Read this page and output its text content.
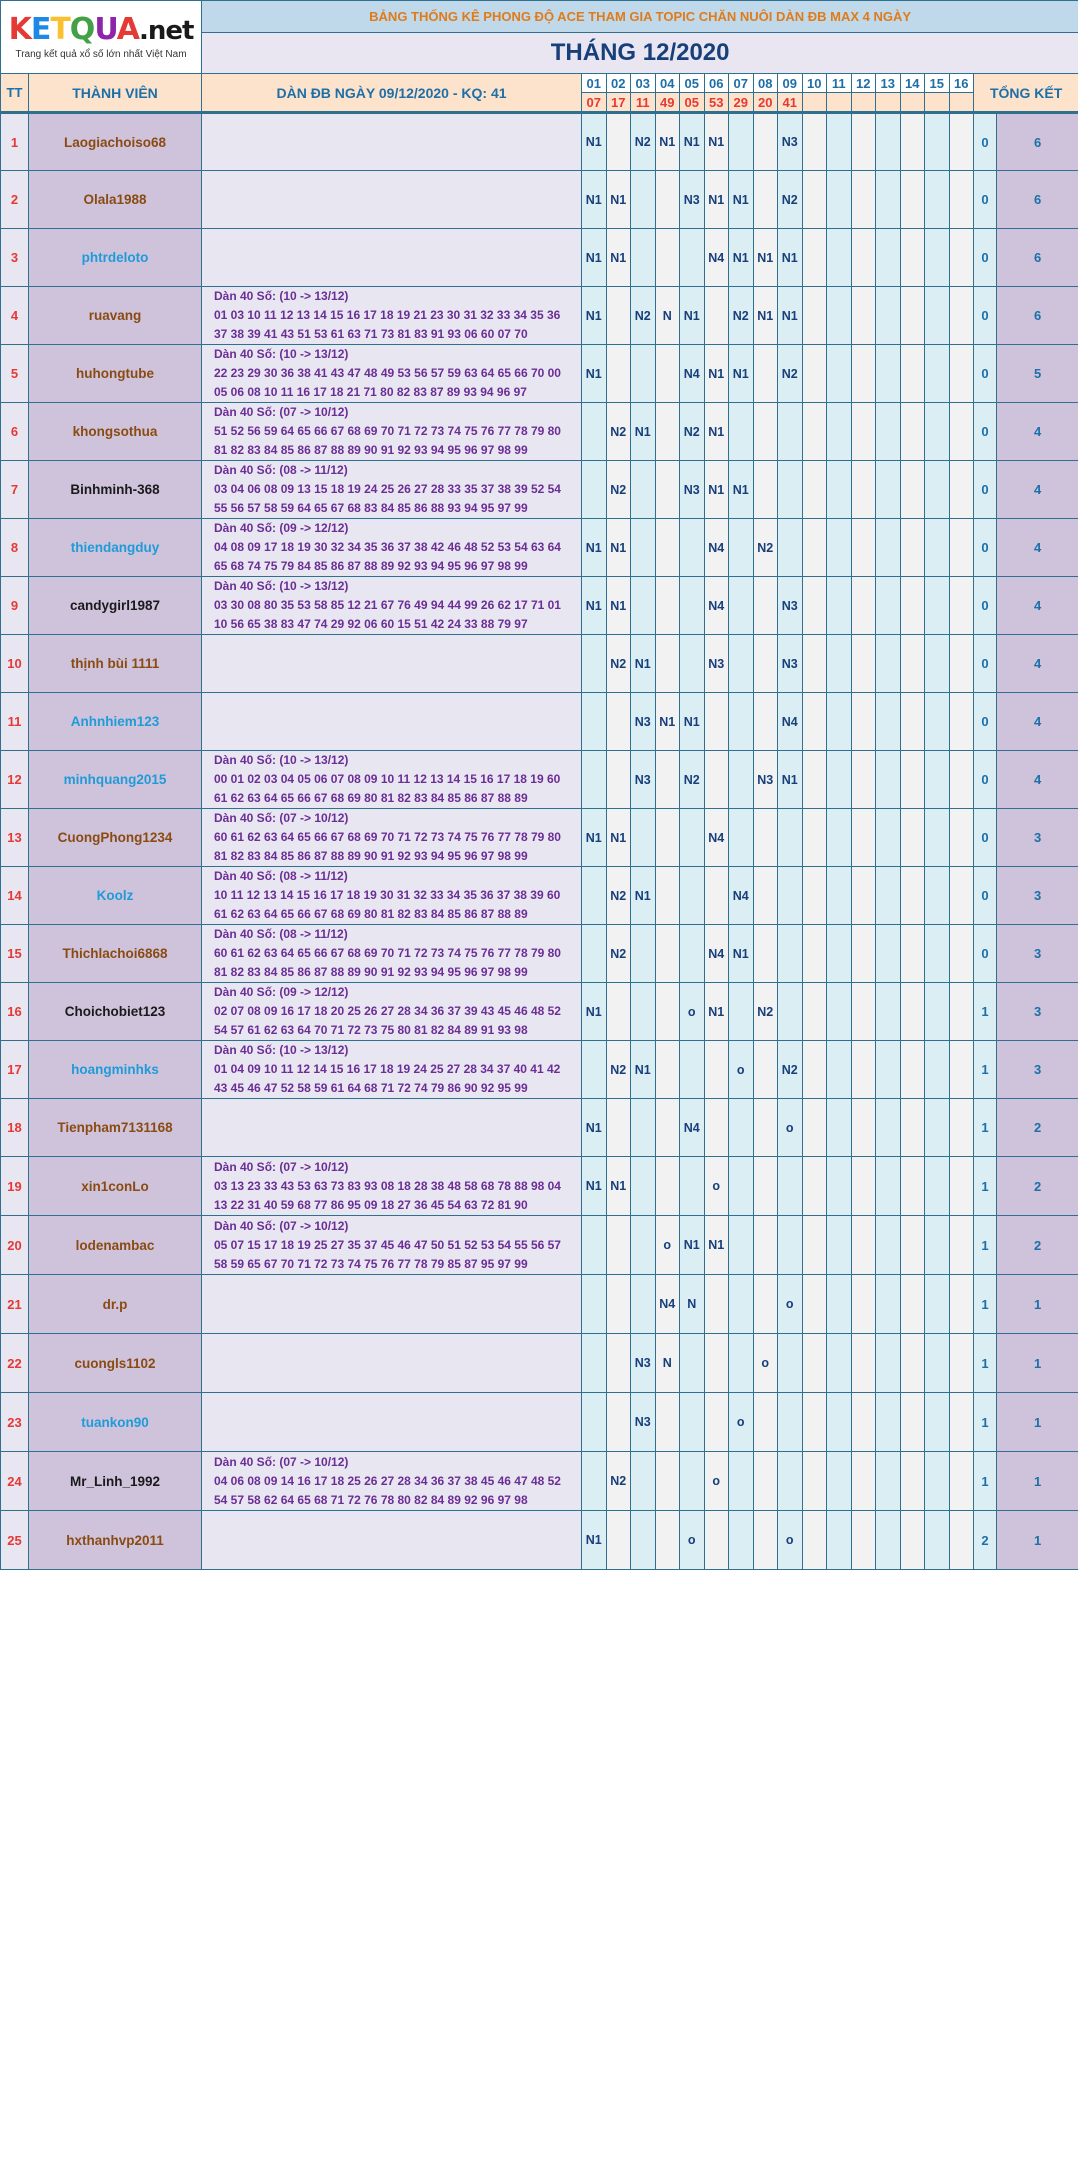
KETQUA.net
Trang kết quả xổ số lớn nhất Việt Nam		BẢNG THỐNG KÊ PHONG ĐỘ ACE THAM GIA TOPIC CHĂN NUÔI DÀN ĐB MAX 4 NGÀY																		
		THÁNG 12/2020																		
TT	THÀNH VIÊN	DÀN ĐB NGÀY 09/12/2020 - KQ: 41	01	02	03	04	05	06	07	08	09	10	11	12	13	14	15	16	TỔNG KẾT	
			07	17	11	49	05	53	29	20	41									
1	Laogiachoiso68		N1		N2	N1	N1	N1			N3								0	6
2	Olala1988		N1	N1			N3	N1	N1		N2								0	6
3	phtrdeloto		N1	N1				N4	N1	N1	N1								0	6
4	ruavang	Dàn 40 Số: (10 -> 13/12)
01 03 10 11 12 13 14 15 16 17 18 19 21 23 30 31 32 33 34 35 36
37 38 39 41 43 51 53 61 63 71 73 81 83 91 93 06 60 07 70	N1		N2	N	N1		N2	N1	N1								0	6
5	huhongtube	Dàn 40 Số: (10 -> 13/12)
22 23 29 30 36 38 41 43 47 48 49 53 56 57 59 63 64 65 66 70 00
05 06 08 10 11 16 17 18 21 71 80 82 83 87 89 93 94 96 97	N1				N4	N1	N1		N2								0	5
6	khongsothua	Dàn 40 Số: (07 -> 10/12)
51 52 56 59 64 65 66 67 68 69 70 71 72 73 74 75 76 77 78 79 80
81 82 83 84 85 86 87 88 89 90 91 92 93 94 95 96 97 98 99		N2	N1		N2	N1											0	4
7	Binhminh-368	Dàn 40 Số: (08 -> 11/12)
03 04 06 08 09 13 15 18 19 24 25 26 27 28 33 35 37 38 39 52 54
55 56 57 58 59 64 65 67 68 83 84 85 86 88 93 94 95 97 99		N2			N3	N1	N1										0	4
8	thiendangduy	Dàn 40 Số: (09 -> 12/12)
04 08 09 17 18 19 30 32 34 35 36 37 38 42 46 48 52 53 54 63 64
65 68 74 75 79 84 85 86 87 88 89 92 93 94 95 96 97 98 99	N1	N1				N4		N2									0	4
9	candygirl1987	Dàn 40 Số: (10 -> 13/12)
03 30 08 80 35 53 58 85 12 21 67 76 49 94 44 99 26 62 17 71 01
10 56 65 38 83 47 74 29 92 06 60 15 51 42 24 33 88 79 97	N1	N1				N4			N3								0	4
10	thịnh bùi 1111			N2	N1			N3			N3								0	4
11	Anhnhiem123				N3	N1	N1				N4								0	4
12	minhquang2015	Dàn 40 Số: (10 -> 13/12)
00 01 02 03 04 05 06 07 08 09 10 11 12 13 14 15 16 17 18 19 60
61 62 63 64 65 66 67 68 69 80 81 82 83 84 85 86 87 88 89			N3		N2			N3	N1								0	4
13	CuongPhong1234	Dàn 40 Số: (07 -> 10/12)
60 61 62 63 64 65 66 67 68 69 70 71 72 73 74 75 76 77 78 79 80
81 82 83 84 85 86 87 88 89 90 91 92 93 94 95 96 97 98 99	N1	N1				N4											0	3
14	Koolz	Dàn 40 Số: (08 -> 11/12)
10 11 12 13 14 15 16 17 18 19 30 31 32 33 34 35 36 37 38 39 60
61 62 63 64 65 66 67 68 69 80 81 82 83 84 85 86 87 88 89		N2	N1				N4										0	3
15	Thichlachoi6868	Dàn 40 Số: (08 -> 11/12)
60 61 62 63 64 65 66 67 68 69 70 71 72 73 74 75 76 77 78 79 80
81 82 83 84 85 86 87 88 89 90 91 92 93 94 95 96 97 98 99		N2				N4	N1										0	3
16	Choichobiet123	Dàn 40 Số: (09 -> 12/12)
02 07 08 09 16 17 18 20 25 26 27 28 34 36 37 39 43 45 46 48 52
54 57 61 62 63 64 70 71 72 73 75 80 81 82 84 89 91 93 98	N1				o	N1		N2									1	3
17	hoangminhks	Dàn 40 Số: (10 -> 13/12)
01 04 09 10 11 12 14 15 16 17 18 19 24 25 27 28 34 37 40 41 42
43 45 46 47 52 58 59 61 64 68 71 72 74 79 86 90 92 95 99		N2	N1				o		N2								1	3
18	Tienpham7131168		N1				N4				o								1	2
19	xin1conLo	Dàn 40 Số: (07 -> 10/12)
03 13 23 33 43 53 63 73 83 93 08 18 28 38 48 58 68 78 88 98 04
13 22 31 40 59 68 77 86 95 09 18 27 36 45 54 63 72 81 90	N1	N1				o											1	2
20	lodenambac	Dàn 40 Số: (07 -> 10/12)
05 07 15 17 18 19 25 27 35 37 45 46 47 50 51 52 53 54 55 56 57
58 59 65 67 70 71 72 73 74 75 76 77 78 79 85 87 95 97 99				o	N1	N1											1	2
21	dr.p					N4	N				o								1	1
22	cuongls1102				N3	N				o									1	1
23	tuankon90				N3				o										1	1
24	Mr_Linh_1992	Dàn 40 Số: (07 -> 10/12)
04 06 08 09 14 16 17 18 25 26 27 28 34 36 37 38 45 46 47 48 52
54 57 58 62 64 65 68 71 72 76 78 80 82 84 89 92 96 97 98		N2				o											1	1
25	hxthanhvp2011		N1				o				o								2	1
